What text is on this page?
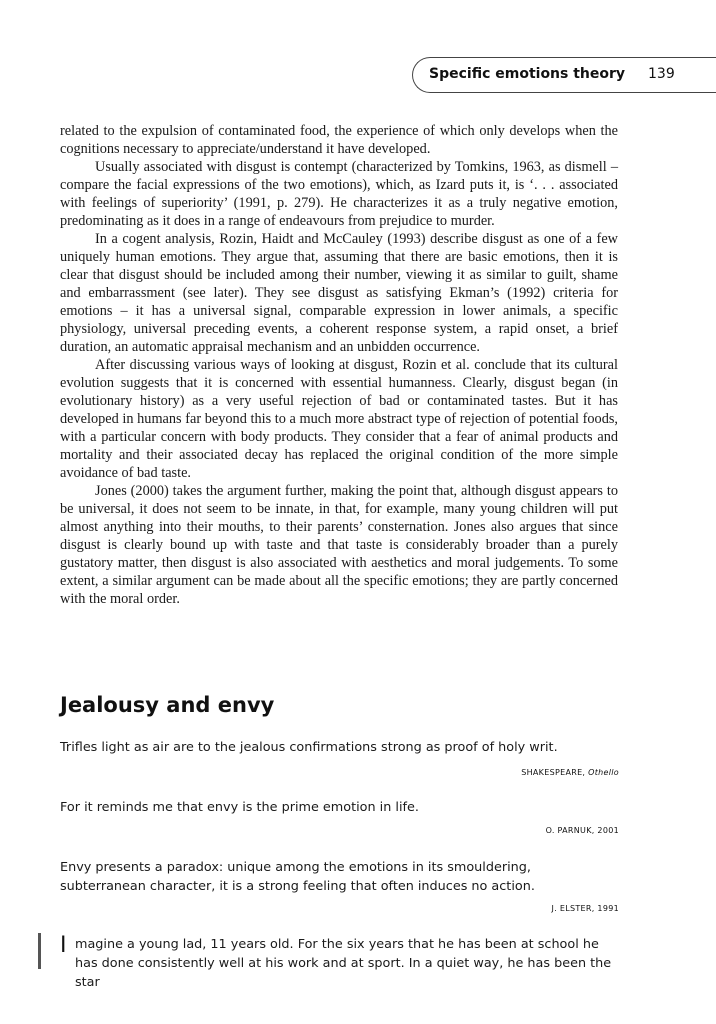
Specific emotions theory 139

related to the expulsion of contaminated food, the experience of which only develops when the cognitions necessary to appreciate/understand it have developed.

Usually associated with disgust is contempt (characterized by Tomkins, 1963, as dismell – compare the facial expressions of the two emotions), which, as Izard puts it, is ‘. . . associated with feelings of superiority’ (1991, p. 279). He characterizes it as a truly negative emotion, predominating as it does in a range of endeavours from prejudice to murder.

In a cogent analysis, Rozin, Haidt and McCauley (1993) describe disgust as one of a few uniquely human emotions. They argue that, assuming that there are basic emotions, then it is clear that disgust should be included among their number, viewing it as similar to guilt, shame and embarrassment (see later). They see disgust as satisfying Ekman’s (1992) criteria for emotions – it has a universal signal, comparable expression in lower animals, a specific physiology, universal preceding events, a coherent response system, a rapid onset, a brief duration, an automatic appraisal mechanism and an unbidden occurrence.

After discussing various ways of looking at disgust, Rozin et al. conclude that its cultural evolution suggests that it is concerned with essential humanness. Clearly, disgust began (in evolutionary history) as a very useful rejection of bad or contaminated tastes. But it has developed in humans far beyond this to a much more abstract type of rejection of potential foods, with a particular concern with body products. They consider that a fear of animal products and mortality and their associated decay has replaced the original condition of the more simple avoidance of bad taste.

Jones (2000) takes the argument further, making the point that, although disgust appears to be universal, it does not seem to be innate, in that, for example, many young children will put almost anything into their mouths, to their parents’ consternation. Jones also argues that since disgust is clearly bound up with taste and that taste is considerably broader than a purely gustatory matter, then disgust is also associated with aesthetics and moral judgements. To some extent, a similar argument can be made about all the specific emotions; they are partly concerned with the moral order.

Jealousy and envy

Trifles light as air are to the jealous confirmations strong as proof of holy writ.

SHAKESPEARE, Othello

For it reminds me that envy is the prime emotion in life.

O. PARNUK, 2001

Envy presents a paradox: unique among the emotions in its smouldering, subterranean character, it is a strong feeling that often induces no action.

J. ELSTER, 1991

I magine a young lad, 11 years old. For the six years that he has been at school he has done consistently well at his work and at sport. In a quiet way, he has been the star
